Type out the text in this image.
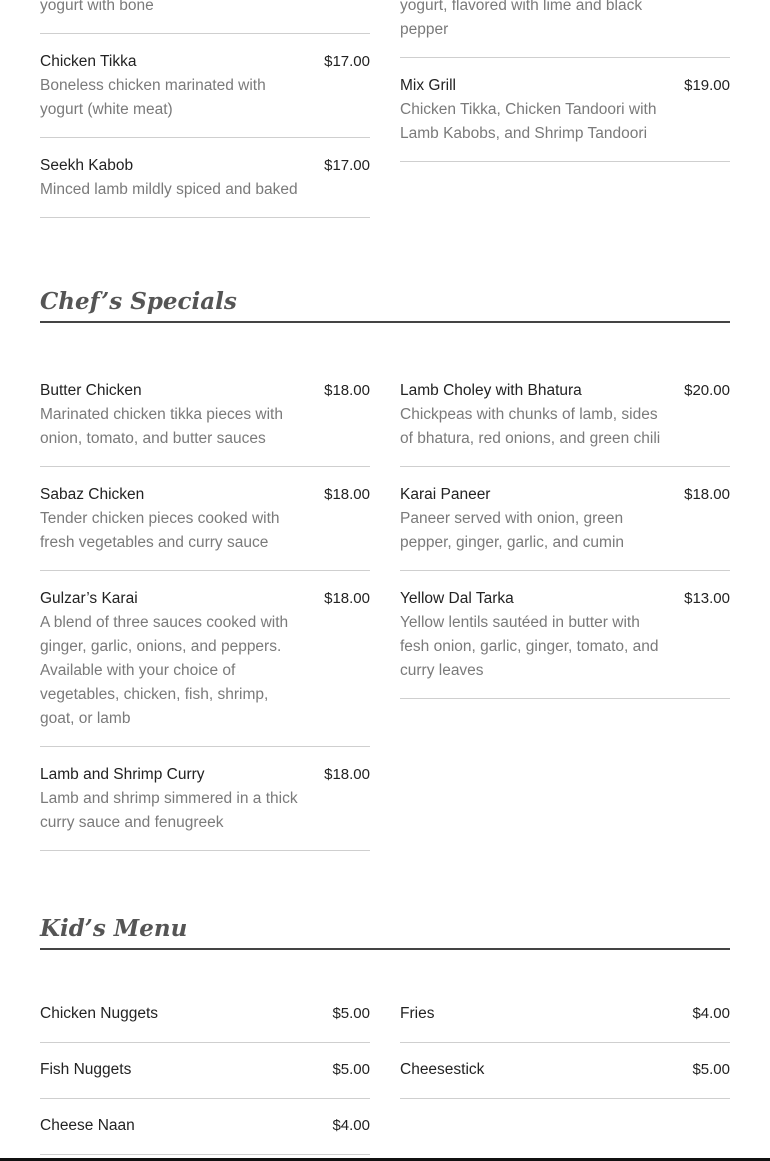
yogurt with bone
Chicken Tikka	$17.00
Boneless chicken marinated with yogurt (white meat)
Seekh Kabob	$17.00
Minced lamb mildly spiced and baked
yogurt, flavored with lime and black pepper
Mix Grill	$19.00
Chicken Tikka, Chicken Tandoori with Lamb Kabobs, and Shrimp Tandoori
Chef’s Specials
Butter Chicken	$18.00
Marinated chicken tikka pieces with onion, tomato, and butter sauces
Sabaz Chicken	$18.00
Tender chicken pieces cooked with fresh vegetables and curry sauce
Gulzar’s Karai	$18.00
A blend of three sauces cooked with ginger, garlic, onions, and peppers. Available with your choice of vegetables, chicken, fish, shrimp, goat, or lamb
Lamb and Shrimp Curry	$18.00
Lamb and shrimp simmered in a thick curry sauce and fenugreek
Lamb Choley with Bhatura	$20.00
Chickpeas with chunks of lamb, sides of bhatura, red onions, and green chili
Karai Paneer	$18.00
Paneer served with onion, green pepper, ginger, garlic, and cumin
Yellow Dal Tarka	$13.00
Yellow lentils sautéed in butter with fesh onion, garlic, ginger, tomato, and curry leaves
Kid’s Menu
Chicken Nuggets	$5.00
Fish Nuggets	$5.00
Cheese Naan	$4.00
Fries	$4.00
Cheesestick	$5.00
